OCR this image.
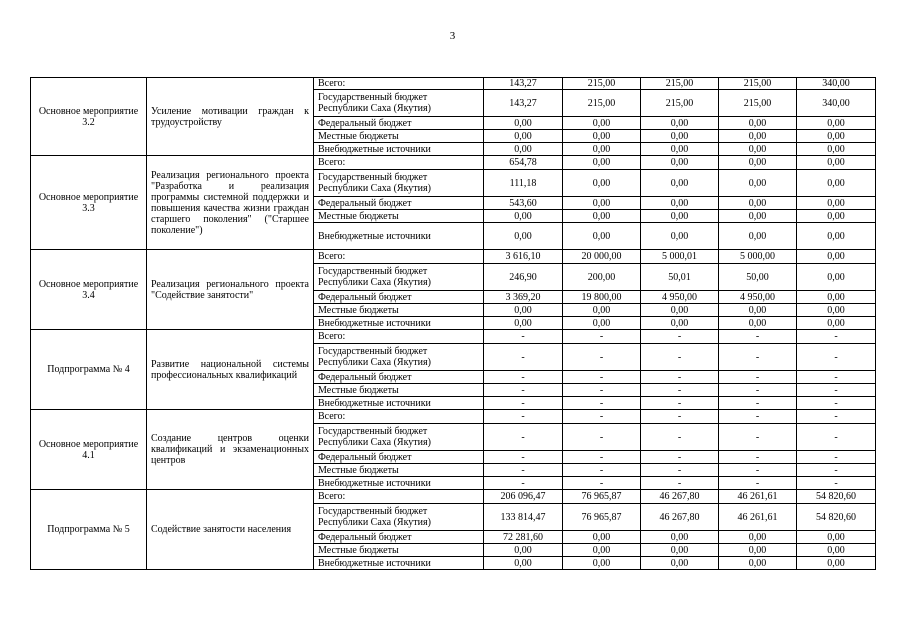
3
Основное мероприятие 3.2	Усиление мотивации граждан к трудоустройству	Всего:	143,27	215,00	215,00	215,00	340,00
		Государственный бюджет Республики Саха (Якутия)	143,27	215,00	215,00	215,00	340,00
		Федеральный бюджет	0,00	0,00	0,00	0,00	0,00
		Местные бюджеты	0,00	0,00	0,00	0,00	0,00
		Внебюджетные источники	0,00	0,00	0,00	0,00	0,00
Основное мероприятие 3.3	Реализация регионального проекта "Разработка и реализация программы системной поддержки и повышения качества жизни граждан старшего поколения" ("Старшее поколение")	Всего:	654,78	0,00	0,00	0,00	0,00
		Государственный бюджет Республики Саха (Якутия)	111,18	0,00	0,00	0,00	0,00
		Федеральный бюджет	543,60	0,00	0,00	0,00	0,00
		Местные бюджеты	0,00	0,00	0,00	0,00	0,00
		Внебюджетные источники	0,00	0,00	0,00	0,00	0,00
Основное мероприятие 3.4	Реализация регионального проекта "Содействие занятости"	Всего:	3 616,10	20 000,00	5 000,01	5 000,00	0,00
		Государственный бюджет Республики Саха (Якутия)	246,90	200,00	50,01	50,00	0,00
		Федеральный бюджет	3 369,20	19 800,00	4 950,00	4 950,00	0,00
		Местные бюджеты	0,00	0,00	0,00	0,00	0,00
		Внебюджетные источники	0,00	0,00	0,00	0,00	0,00
Подпрограмма № 4	Развитие национальной системы профессиональных квалификаций	Всего:	-	-	-	-	-
		Государственный бюджет Республики Саха (Якутия)	-	-	-	-	-
		Федеральный бюджет	-	-	-	-	-
		Местные бюджеты	-	-	-	-	-
		Внебюджетные источники	-	-	-	-	-
Основное мероприятие 4.1	Создание центров оценки квалификаций и экзаменационных центров	Всего:	-	-	-	-	-
		Государственный бюджет Республики Саха (Якутия)	-	-	-	-	-
		Федеральный бюджет	-	-	-	-	-
		Местные бюджеты	-	-	-	-	-
		Внебюджетные источники	-	-	-	-	-
Подпрограмма № 5	Содействие занятости населения	Всего:	206 096,47	76 965,87	46 267,80	46 261,61	54 820,60
		Государственный бюджет Республики Саха (Якутия)	133 814,47	76 965,87	46 267,80	46 261,61	54 820,60
		Федеральный бюджет	72 281,60	0,00	0,00	0,00	0,00
		Местные бюджеты	0,00	0,00	0,00	0,00	0,00
		Внебюджетные источники	0,00	0,00	0,00	0,00	0,00
